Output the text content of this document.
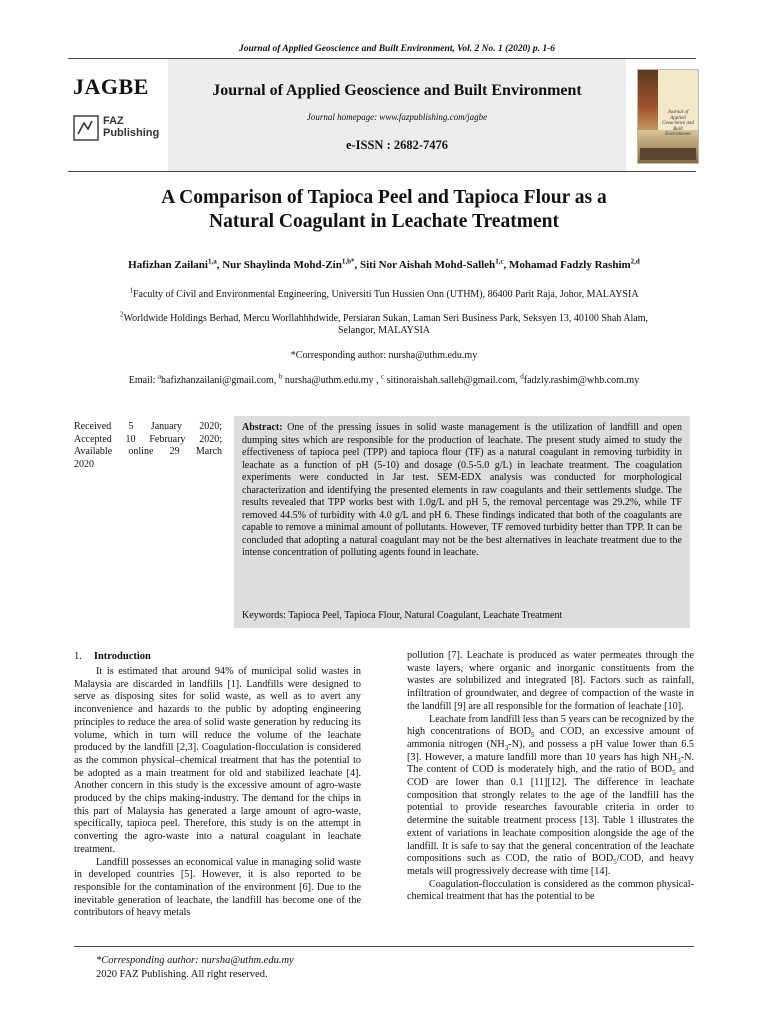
Journal of Applied Geoscience and Built Environment, Vol. 2 No. 1 (2020) p. 1-6
JAGBE
FAZ
Publishing
Journal of Applied Geoscience and Built Environment
Journal homepage: www.fazpublishing.com/jagbe
e-ISSN : 2682-7476
Journal of
Applied
Geoscience and
Built
Environment
A Comparison of Tapioca Peel and Tapioca Flour as a
Natural Coagulant in Leachate Treatment
Hafizhan Zailani$^{1,a}$, Nur Shaylinda Mohd-Zin$^{1,b*}$, Siti Nor Aishah Mohd-Salleh$^{1,c}$, Mohamad Fadzly Rashim$^{2,d}$
$^1$Faculty of Civil and Environmental Engineering, Universiti Tun Hussien Onn (UTHM), 86400 Parit Raja, Johor, MALAYSIA
$^2$Worldwide Holdings Berhad, Mercu Worllahhhdwide, Persiaran Sukan, Laman Seri Business Park, Seksyen 13, 40100 Shah Alam,
Selangor, MALAYSIA
*Corresponding author: nursha@uthm.edu.my
Email: $^a$hafizhanzailani@gmail.com, $^b$ nursha@uthm.edu.my , $^c$ sitinoraishah.salleh@gmail.com, $^d$fadzly.rashim@whb.com.my
Received 5 January 2020;
Accepted 10 February 2020;
Available online 29 March
2020

Abstract: One of the pressing issues in solid waste management is the utilization of landfill and open dumping sites which are responsible for the production of leachate. The present study aimed to study the effectiveness of tapioca peel (TPP) and tapioca flour (TF) as a natural coagulant in removing turbidity in leachate as a function of pH (5-10) and dosage (0.5-5.0 g/L) in leachate treatment. The coagulation experiments were conducted in Jar test. SEM-EDX analysis was conducted for morphological characterization and identifying the presented elements in raw coagulants and their settlements sludge. The results revealed that TPP works best with 1.0g/L and pH 5, the removal percentage was 29.2%, while TF removed 44.5% of turbidity with 4.0 g/L and pH 6. These findings indicated that both of the coagulants are capable to remove a minimal amount of pollutants. However, TF removed turbidity better than TPP. It can be concluded that adopting a natural coagulant may not be the best alternatives in leachate treatment due to the intense concentration of polluting agents found in leachate.

Keywords: Tapioca Peel, Tapioca Flour, Natural Coagulant, Leachate Treatment
1. Introduction

It is estimated that around 94% of municipal solid wastes in Malaysia are discarded in landfills [1]. Landfills were designed to serve as disposing sites for solid waste, as well as to avert any inconvenience and hazards to the public by adopting engineering principles to reduce the area of solid waste generation by reducing its volume, which in turn will reduce the volume of the leachate produced by the landfill [2,3]. Coagulation-flocculation is considered as the common physical–chemical treatment that has the potential to be adopted as a main treatment for old and stabilized leachate [4]. Another concern in this study is the excessive amount of agro-waste produced by the chips making-industry. The demand for the chips in this part of Malaysia has generated a large amount of agro-waste, specifically, tapioca peel. Therefore, this study is on the attempt in converting the agro-waste into a natural coagulant in leachate treatment.

Landfill possesses an economical value in managing solid waste in developed countries [5]. However, it is also reported to be responsible for the contamination of the environment [6]. Due to the inevitable generation of leachate, the landfill has become one of the contributors of heavy metals

pollution [7]. Leachate is produced as water permeates through the waste layers, where organic and inorganic constituents from the wastes are solubilized and integrated [8]. Factors such as rainfall, infiltration of groundwater, and degree of compaction of the waste in the landfill [9] are all responsible for the formation of leachate [10].

Leachate from landfill less than 5 years can be recognized by the high concentrations of $BOD_5$ and COD, an excessive amount of ammonia nitrogen $(NH_3-N)$, and possess a pH value lower than 6.5 [3]. However, a mature landfill more than 10 years has high $NH_3-N$. The content of COD is moderately high, and the ratio of $BOD_5$ and COD are lower than 0.1 [11][12]. The difference in leachate composition that strongly relates to the age of the landfill has the potential to provide researches favourable criteria in order to determine the suitable treatment process [13]. Table 1 illustrates the extent of variations in leachate composition alongside the age of the landfill. It is safe to say that the general concentration of the leachate compositions such as COD, the ratio of $BOD_5$/COD, and heavy metals will progressively decrease with time [14].

Coagulation-flocculation is considered as the common physical-chemical treatment that has the potential to be

*Corresponding author: nursha@uthm.edu.my
2020 FAZ Publishing. All right reserved.
